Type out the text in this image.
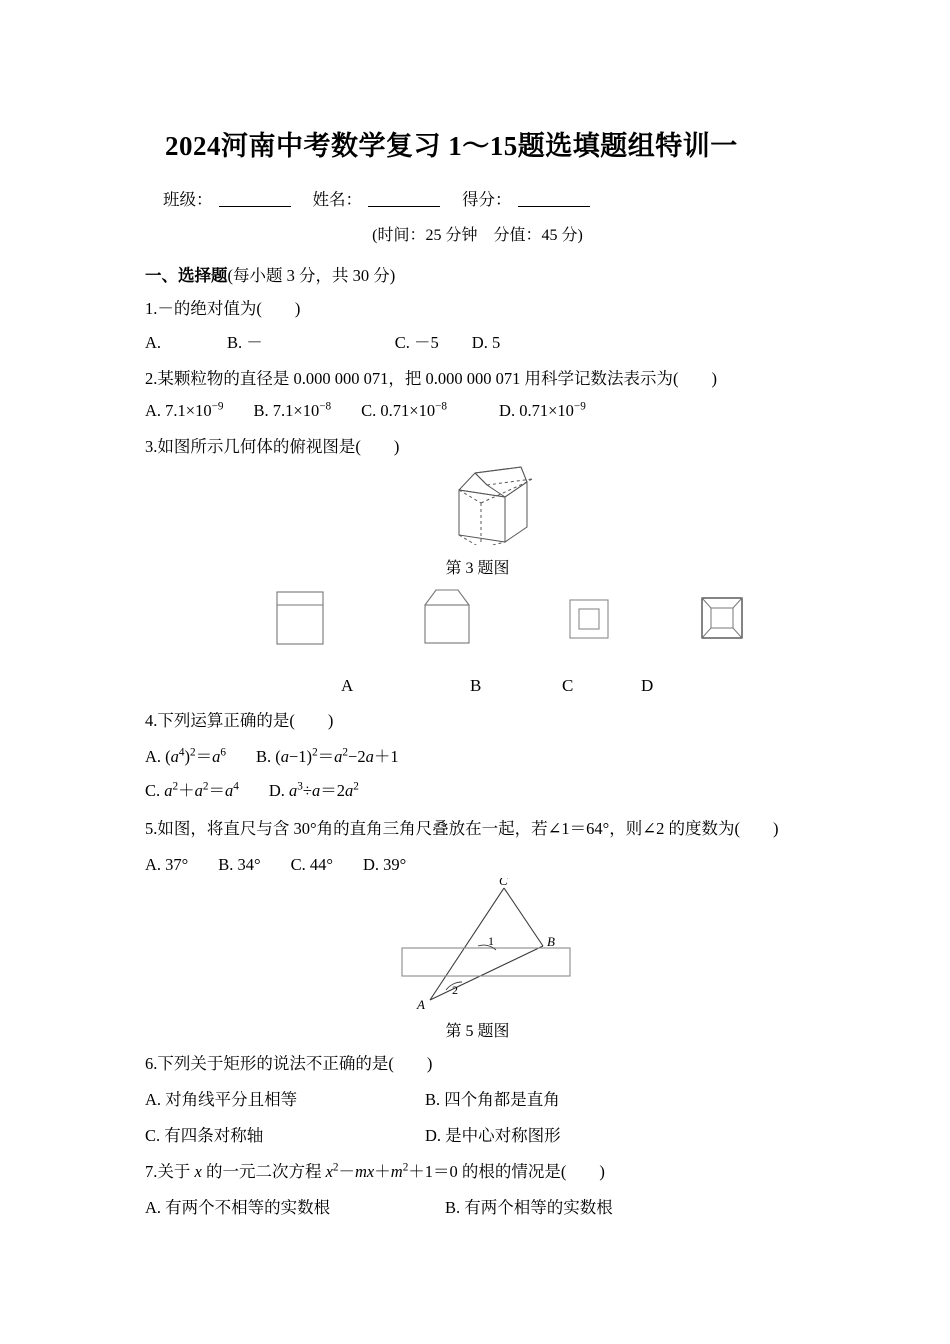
2024河南中考数学复习 1～15题选填题组特训一
班级：	姓名：	得分：
(时间：25 分钟　分值：45 分)
一、选择题(每小题 3 分，共 30 分)
1.－的绝对值为(　　)
A.　　　　B. －　　　　　　　　C. －5　　D. 5
2.某颗粒物的直径是 0.000 000 071，把 0.000 000 071 用科学记数法表示为(　　)
A. $7.1\times 10^{-9}$ B. $7.1\times 10^{-8}$ C. $0.71\times 10^{-8}$	D. $0.71\times 10^{-9}$
3.如图所示几何体的俯视图是(　　)
第 3 题图
A	B	C	D
4.下列运算正确的是(　　)
A. $(a^4)^2=a^6$ B. $(a-1)^2=a^2-2a+1$
C. $a^2+a^2=a^4$ D. $a^3\div a=2a^2$
5.如图，将直尺与含 30°角的直角三角尺叠放在一起，若∠1＝64°，则∠2 的度数为(　　)
A. 37° B. 34° C. 44° D. 39°
C
B
A
1
2
第 5 题图
6.下列关于矩形的说法不正确的是(　　)
A. 对角线平分且相等	B. 四个角都是直角
C. 有四条对称轴	D. 是中心对称图形
7.关于 x 的一元二次方程 $x^2-mx+m^2+1=0$ 的根的情况是(　　)
A. 有两个不相等的实数根	B. 有两个相等的实数根
